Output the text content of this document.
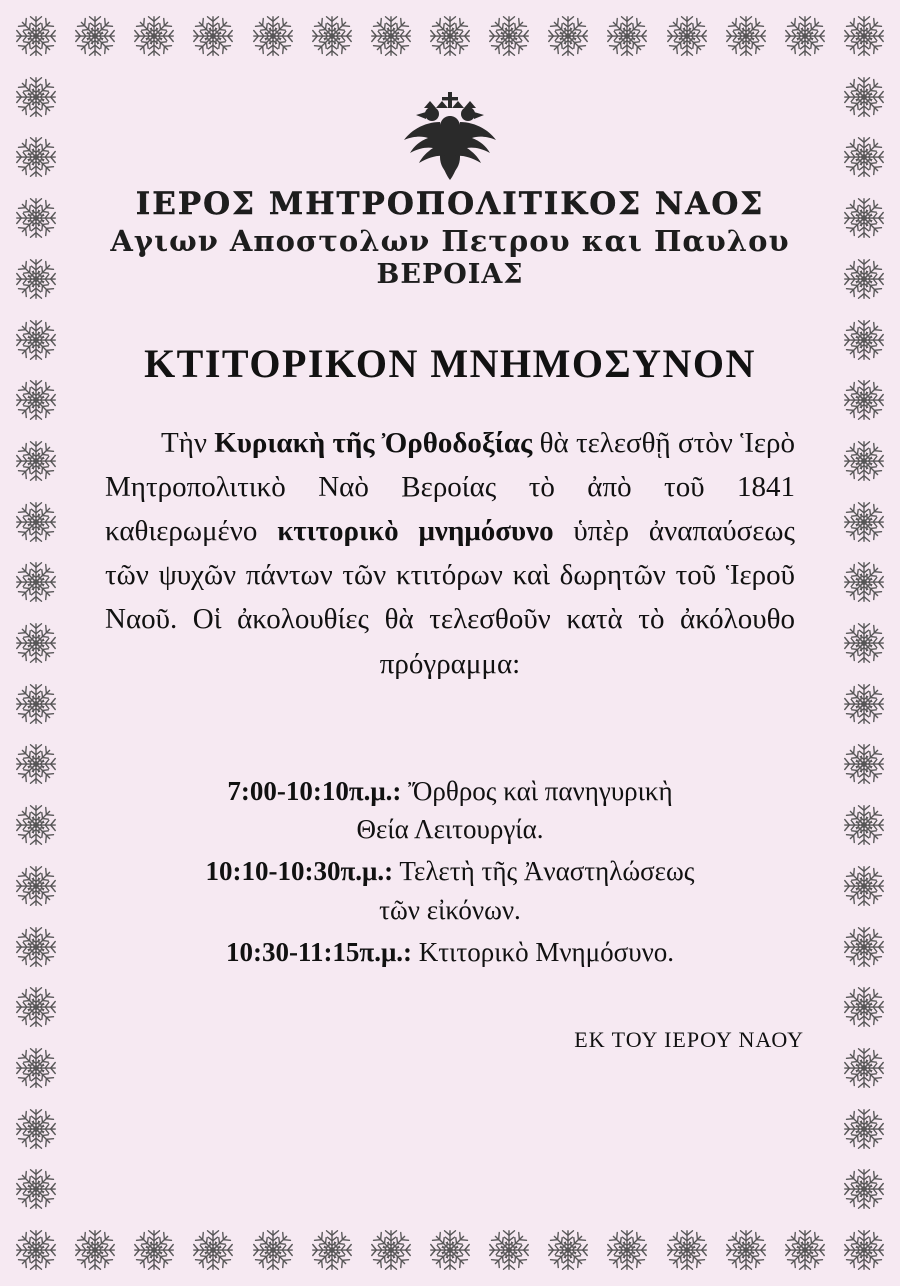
ΙΕΡΟΣ ΜΗΤΡΟΠΟΛΙΤΙΚΟΣ ΝΑΟΣ
Αγιων Αποστολων Πετρου και Παυλου
ΒΕΡΟΙΑΣ
ΚΤΙΤΟΡΙΚΟΝ ΜΝΗΜΟΣΥΝΟΝ

Τὴν Κυριακὴ τῆς Ὀρθοδοξίας θὰ τελεσθῇ στὸν Ἱερὸ Μητροπολιτικὸ Ναὸ Βεροίας τὸ ἀπὸ τοῦ 1841 καθιερωμένο κτιτορικὸ μνημόσυνο ὑπὲρ ἀναπαύσεως τῶν ψυχῶν πάντων τῶν κτιτόρων καὶ δωρητῶν τοῦ Ἱεροῦ Ναοῦ. Οἱ ἀκολουθίες θὰ τελεσθοῦν κατὰ τὸ ἀκόλουθο πρόγραμμα:

7:00-10:10π.μ.: Ὄρθρος καὶ πανηγυρικὴ
Θεία Λειτουργία.
10:10-10:30π.μ.: Τελετὴ τῆς Ἀναστηλώσεως
τῶν εἰκόνων.
10:30-11:15π.μ.: Κτιτορικὸ Μνημόσυνο.
ΕΚ ΤΟΥ ΙΕΡΟΥ ΝΑΟΥ
